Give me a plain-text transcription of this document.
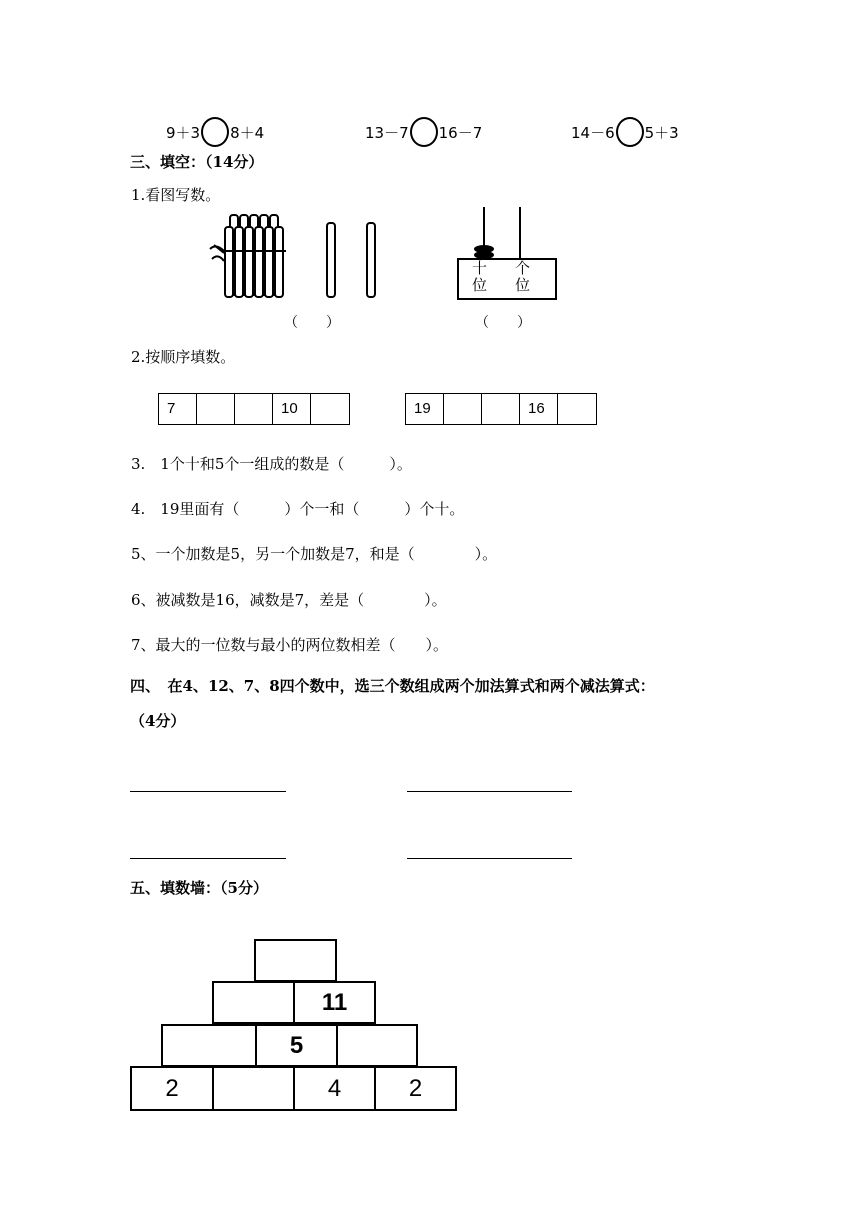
9＋3 8＋4	13－7 16－7	14－6 5＋3
三、填空：（14分）
1.看图写数。
十
位
个
位
（　　）	（　　）
2.按顺序填数。
7	10	19	16
3.　1个十和5个一组成的数是（　　　）。
4.　19里面有（　　　）个一和（　　　）个十。
5、一个加数是5，另一个加数是7，和是（　　　　）。
6、被减数是16，减数是7，差是（　　　　）。
7、最大的一位数与最小的两位数相差（　　）。
四、　在4、12、7、8四个数中，选三个数组成两个加法算式和两个减法算式：
（4分）
五、填数墙：（5分）
11
5
2	4	2
